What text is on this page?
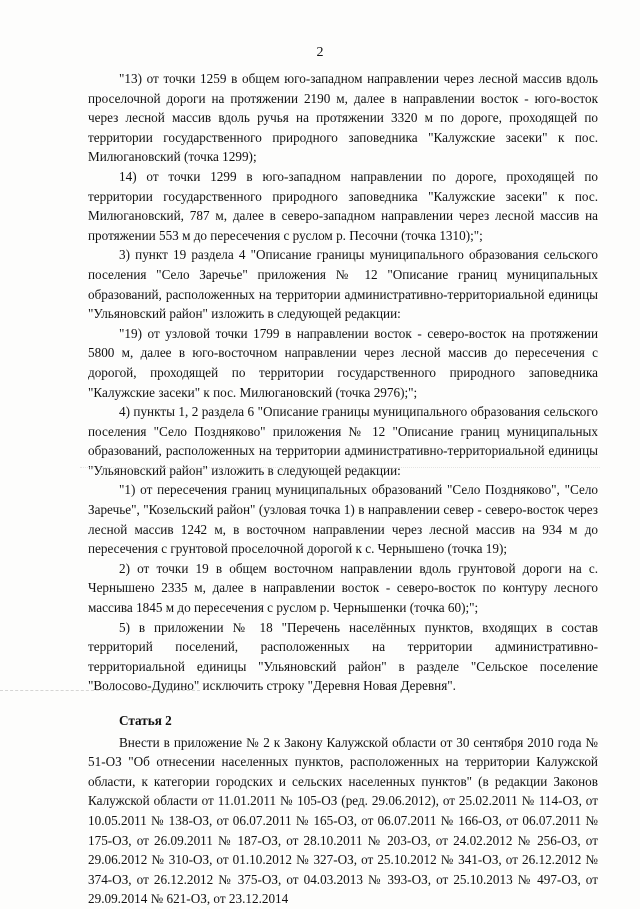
2

"13) от точки 1259 в общем юго-западном направлении через лесной массив вдоль проселочной дороги на протяжении 2190 м, далее в направлении восток - юго-восток через лесной массив вдоль ручья на протяжении 3320 м по дороге, проходящей по территории государственного природного заповедника "Калужские засеки" к пос. Милюгановский (точка 1299);

14) от точки 1299 в юго-западном направлении по дороге, проходящей по территории государственного природного заповедника "Калужские засеки" к пос. Милюгановский, 787 м, далее в северо-западном направлении через лесной массив на протяжении 553 м до пересечения с руслом р. Песочни (точка 1310);";

3) пункт 19 раздела 4 "Описание границы муниципального образования сельского поселения "Село Заречье" приложения № 12 "Описание границ муниципальных образований, расположенных на территории административно-территориальной единицы "Ульяновский район" изложить в следующей редакции:

"19) от узловой точки 1799 в направлении восток - северо-восток на протяжении 5800 м, далее в юго-восточном направлении через лесной массив до пересечения с дорогой, проходящей по территории государственного природного заповедника "Калужские засеки" к пос. Милюгановский (точка 2976);";

4) пункты 1, 2 раздела 6 "Описание границы муниципального образования сельского поселения "Село Поздняково" приложения № 12 "Описание границ муниципальных образований, расположенных на территории административно-территориальной единицы "Ульяновский район" изложить в следующей редакции:

"1) от пересечения границ муниципальных образований "Село Поздняково", "Село Заречье", "Козельский район" (узловая точка 1) в направлении север - северо-восток через лесной массив 1242 м, в восточном направлении через лесной массив на 934 м до пересечения с грунтовой проселочной дорогой к с. Чернышено (точка 19);

2) от точки 19 в общем восточном направлении вдоль грунтовой дороги на с. Чернышено 2335 м, далее в направлении восток - северо-восток по контуру лесного массива 1845 м до пересечения с руслом р. Чернышенки (точка 60);";

5) в приложении № 18 "Перечень населённых пунктов, входящих в состав территорий поселений, расположенных на территории административно-территориальной единицы "Ульяновский район" в разделе "Сельское поселение "Волосово-Дудино" исключить строку "Деревня Новая Деревня".

Статья 2

Внести в приложение № 2 к Закону Калужской области от 30 сентября 2010 года № 51-ОЗ "Об отнесении населенных пунктов, расположенных на территории Калужской области, к категории городских и сельских населенных пунктов" (в редакции Законов Калужской области от 11.01.2011 № 105-ОЗ (ред. 29.06.2012), от 25.02.2011 № 114-ОЗ, от 10.05.2011 № 138-ОЗ, от 06.07.2011 № 165-ОЗ, от 06.07.2011 № 166-ОЗ, от 06.07.2011 № 175-ОЗ, от 26.09.2011 № 187-ОЗ, от 28.10.2011 № 203-ОЗ, от 24.02.2012 № 256-ОЗ, от 29.06.2012 № 310-ОЗ, от 01.10.2012 № 327-ОЗ, от 25.10.2012 № 341-ОЗ, от 26.12.2012 № 374-ОЗ, от 26.12.2012 № 375-ОЗ, от 04.03.2013 № 393-ОЗ, от 25.10.2013 № 497-ОЗ, от 29.09.2014 № 621-ОЗ, от 23.12.2014
